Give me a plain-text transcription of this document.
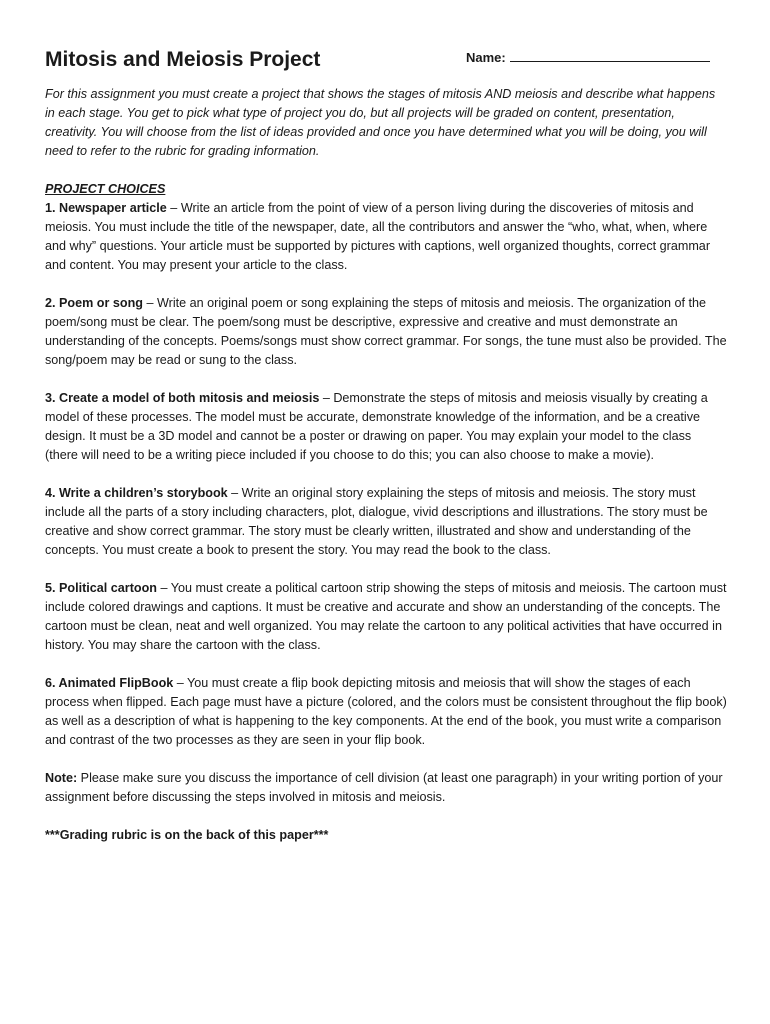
Mitosis and Meiosis Project	Name:

For this assignment you must create a project that shows the stages of mitosis AND meiosis and describe what happens in each stage. You get to pick what type of project you do, but all projects will be graded on content, presentation, creativity. You will choose from the list of ideas provided and once you have determined what you will be doing, you will need to refer to the rubric for grading information.

PROJECT CHOICES

1. Newspaper article – Write an article from the point of view of a person living during the discoveries of mitosis and meiosis. You must include the title of the newspaper, date, all the contributors and answer the “who, what, when, where and why” questions. Your article must be supported by pictures with captions, well organized thoughts, correct grammar and content. You may present your article to the class.

2. Poem or song – Write an original poem or song explaining the steps of mitosis and meiosis. The organization of the poem/song must be clear. The poem/song must be descriptive, expressive and creative and must demonstrate an understanding of the concepts. Poems/songs must show correct grammar. For songs, the tune must also be provided. The song/poem may be read or sung to the class.

3. Create a model of both mitosis and meiosis – Demonstrate the steps of mitosis and meiosis visually by creating a model of these processes. The model must be accurate, demonstrate knowledge of the information, and be a creative design. It must be a 3D model and cannot be a poster or drawing on paper. You may explain your model to the class (there will need to be a writing piece included if you choose to do this; you can also choose to make a movie).

4. Write a children’s storybook – Write an original story explaining the steps of mitosis and meiosis. The story must include all the parts of a story including characters, plot, dialogue, vivid descriptions and illustrations. The story must be creative and show correct grammar. The story must be clearly written, illustrated and show and understanding of the concepts. You must create a book to present the story. You may read the book to the class.

5. Political cartoon – You must create a political cartoon strip showing the steps of mitosis and meiosis. The cartoon must include colored drawings and captions. It must be creative and accurate and show an understanding of the concepts. The cartoon must be clean, neat and well organized. You may relate the cartoon to any political activities that have occurred in history. You may share the cartoon with the class.

6. Animated FlipBook – You must create a flip book depicting mitosis and meiosis that will show the stages of each process when flipped. Each page must have a picture (colored, and the colors must be consistent throughout the flip book) as well as a description of what is happening to the key components. At the end of the book, you must write a comparison and contrast of the two processes as they are seen in your flip book.

Note: Please make sure you discuss the importance of cell division (at least one paragraph) in your writing portion of your assignment before discussing the steps involved in mitosis and meiosis.

***Grading rubric is on the back of this paper***
